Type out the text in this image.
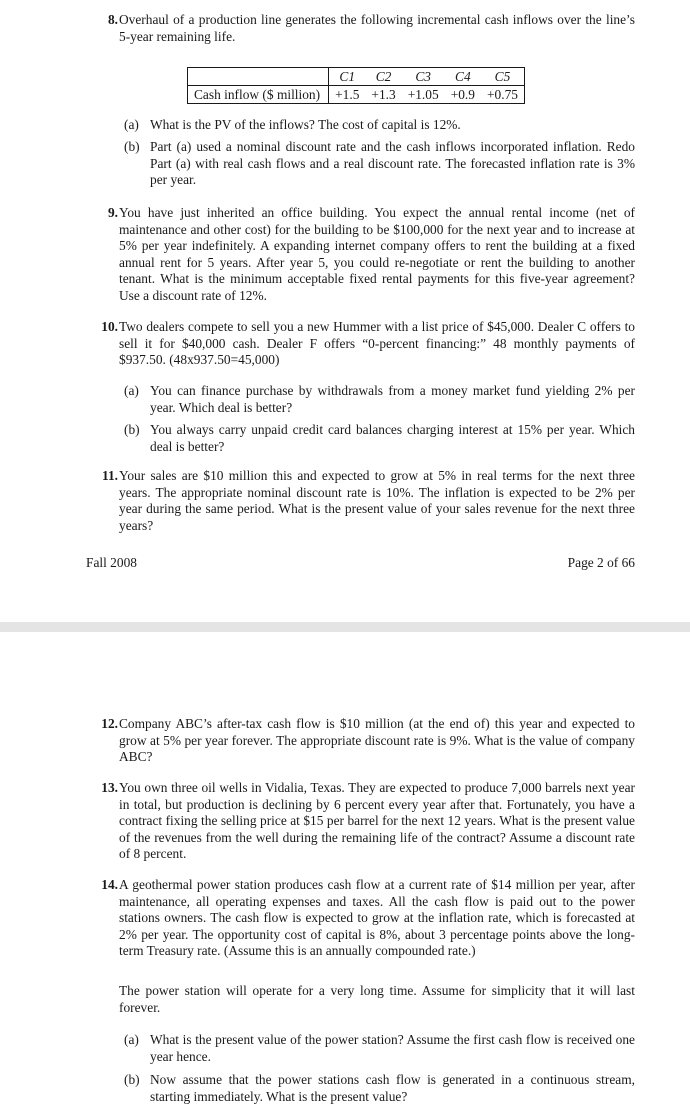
8. Overhaul of a production line generates the following incremental cash inflows over the line’s 5-year remaining life.
	C1	C2	C3	C4	C5
Cash inflow ($ million)	+1.5	+1.3	+1.05	+0.9	+0.75
(a) What is the PV of the inflows? The cost of capital is 12%.
(b) Part (a) used a nominal discount rate and the cash inflows incorporated inflation. Redo Part (a) with real cash flows and a real discount rate. The forecasted inflation rate is 3% per year.
9. You have just inherited an office building. You expect the annual rental income (net of maintenance and other cost) for the building to be $100,000 for the next year and to increase at 5% per year indefinitely. A expanding internet company offers to rent the building at a fixed annual rent for 5 years. After year 5, you could re-negotiate or rent the building to another tenant. What is the minimum acceptable fixed rental payments for this five-year agreement? Use a discount rate of 12%.
10. Two dealers compete to sell you a new Hummer with a list price of $45,000. Dealer C offers to sell it for $40,000 cash. Dealer F offers “0-percent financing:” 48 monthly payments of $937.50. (48x937.50=45,000)
(a) You can finance purchase by withdrawals from a money market fund yielding 2% per year. Which deal is better?
(b) You always carry unpaid credit card balances charging interest at 15% per year. Which deal is better?
11. Your sales are $10 million this and expected to grow at 5% in real terms for the next three years. The appropriate nominal discount rate is 10%. The inflation is expected to be 2% per year during the same period. What is the present value of your sales revenue for the next three years?
Fall 2008	Page 2 of 66
12. Company ABC’s after-tax cash flow is $10 million (at the end of) this year and expected to grow at 5% per year forever. The appropriate discount rate is 9%. What is the value of company ABC?
13. You own three oil wells in Vidalia, Texas. They are expected to produce 7,000 barrels next year in total, but production is declining by 6 percent every year after that. Fortunately, you have a contract fixing the selling price at $15 per barrel for the next 12 years. What is the present value of the revenues from the well during the remaining life of the contract? Assume a discount rate of 8 percent.
14. A geothermal power station produces cash flow at a current rate of $14 million per year, after maintenance, all operating expenses and taxes. All the cash flow is paid out to the power stations owners. The cash flow is expected to grow at the inflation rate, which is forecasted at 2% per year. The opportunity cost of capital is 8%, about 3 percentage points above the long-term Treasury rate. (Assume this is an annually compounded rate.)
The power station will operate for a very long time. Assume for simplicity that it will last forever.
(a) What is the present value of the power station? Assume the first cash flow is received one year hence.
(b) Now assume that the power stations cash flow is generated in a continuous stream, starting immediately. What is the present value?
